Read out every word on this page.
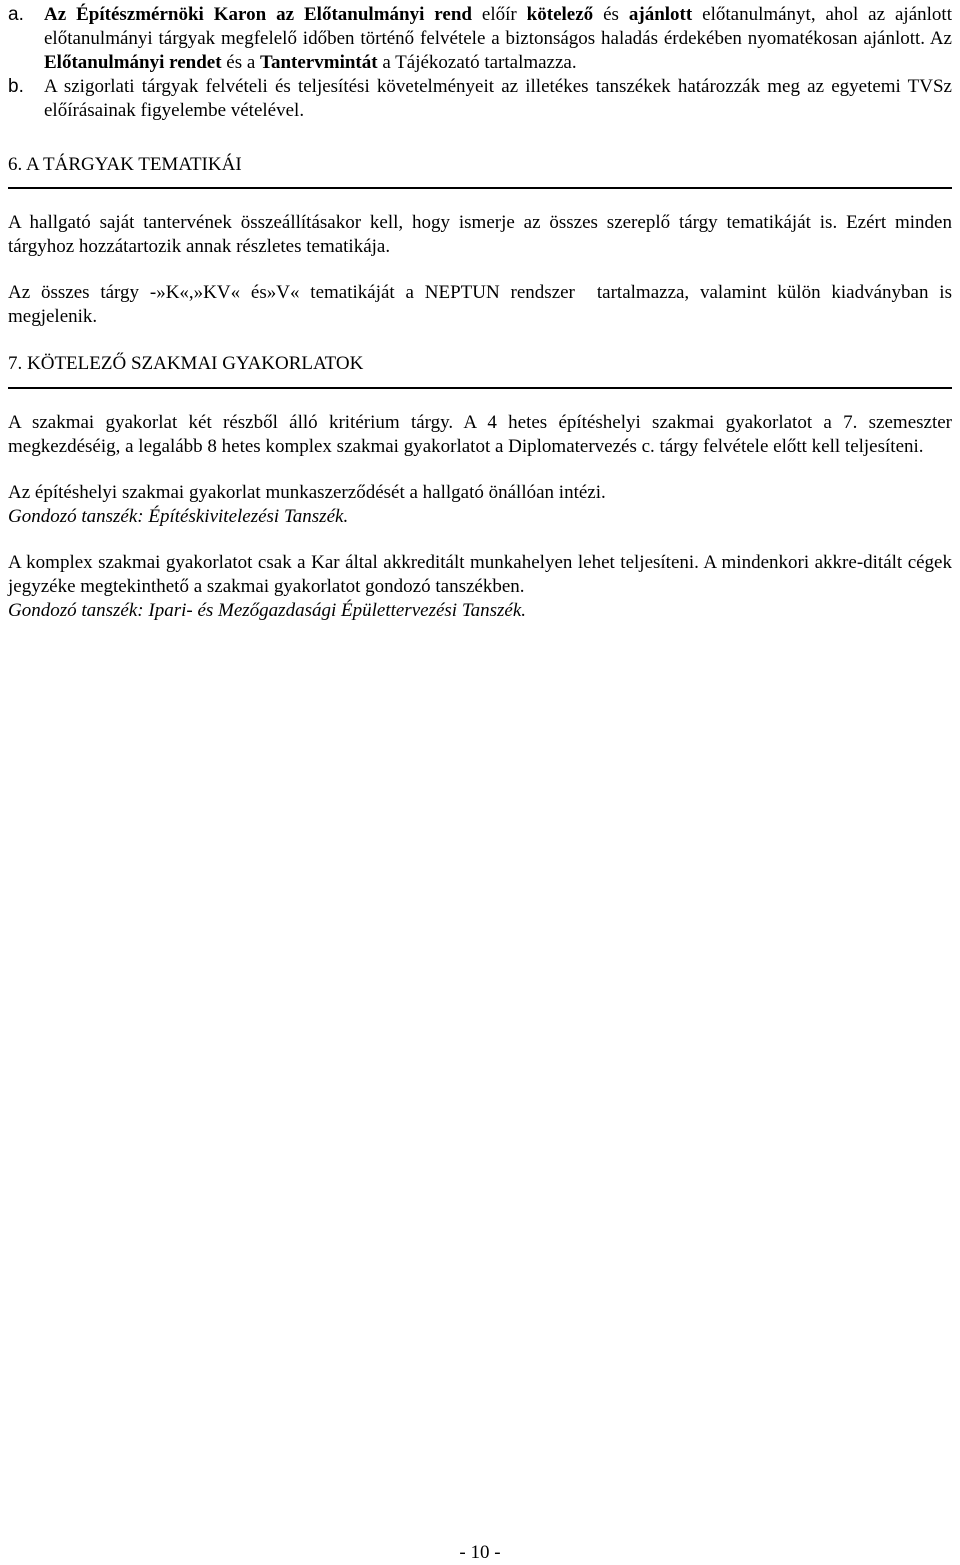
a. Az Építészmérnöki Karon az Előtanulmányi rend előír kötelező és ajánlott előtanulmányt, ahol az ajánlott előtanulmányi tárgyak megfelelő időben történő felvétele a biztonságos haladás érdekében nyomatékosan ajánlott. Az Előtanulmányi rendet és a Tantervmintát a Tájékozató tartalmazza.

b. A szigorlati tárgyak felvételi és teljesítési követelményeit az illetékes tanszékek határozzák meg az egyetemi TVSz előírásainak figyelembe vételével.

6. A TÁRGYAK TEMATIKÁI

A hallgató saját tantervének összeállításakor kell, hogy ismerje az összes szereplő tárgy tematikáját is. Ezért minden tárgyhoz hozzátartozik annak részletes tematikája.

Az összes tárgy -»K«,»KV« és»V« tematikáját a NEPTUN rendszer tartalmazza, valamint külön kiadványban is megjelenik.

7. KÖTELEZŐ SZAKMAI GYAKORLATOK

A szakmai gyakorlat két részből álló kritérium tárgy. A 4 hetes építéshelyi szakmai gyakorlatot a 7. szemeszter megkezdéséig, a legalább 8 hetes komplex szakmai gyakorlatot a Diplomatervezés c. tárgy felvétele előtt kell teljesíteni.

Az építéshelyi szakmai gyakorlat munkaszerződését a hallgató önállóan intézi.

Gondozó tanszék: Építéskivitelezési Tanszék.

A komplex szakmai gyakorlatot csak a Kar által akkreditált munkahelyen lehet teljesíteni. A mindenkori akkre-ditált cégek jegyzéke megtekinthető a szakmai gyakorlatot gondozó tanszékben.

Gondozó tanszék: Ipari- és Mezőgazdasági Épülettervezési Tanszék.

- 10 -
